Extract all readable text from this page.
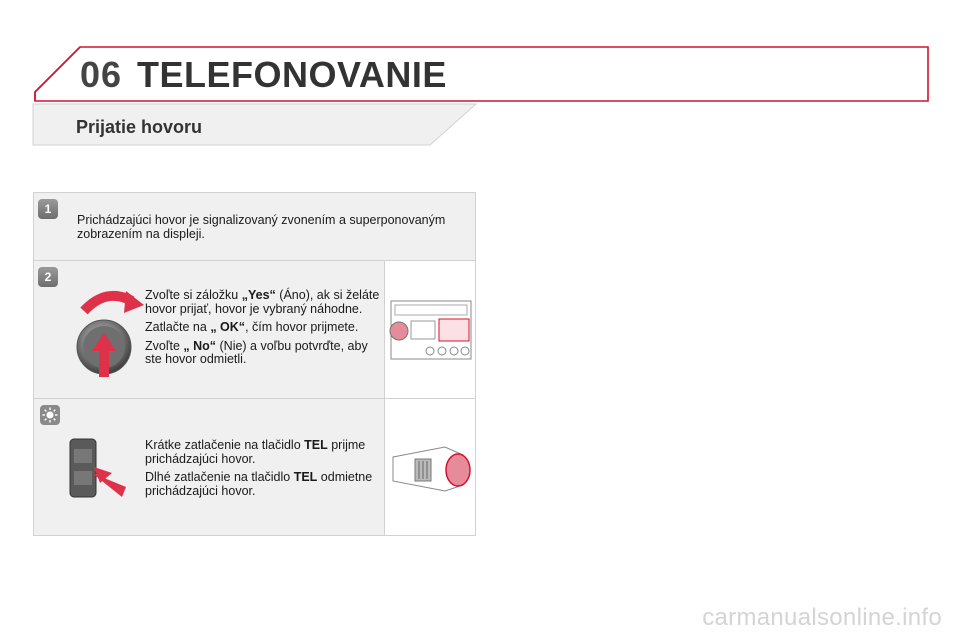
06 TELEFONOVANIE
Prijatie hovoru
1
Prichádzajúci hovor je signalizovaný zvonením a superponovaným zobrazením na displeji.
2

Zvoľte si záložku „Yes“ (Áno), ak si želáte hovor prijať, hovor je vybraný náhodne.

Zatlačte na „ OK“, čím hovor prijmete.

Zvoľte „ No“ (Nie) a voľbu potvrďte, aby ste hovor odmietli.

Krátke zatlačenie na tlačidlo TEL prijme prichádzajúci hovor.

Dlhé zatlačenie na tlačidlo TEL odmietne prichádzajúci hovor.

carmanualsonline.info
